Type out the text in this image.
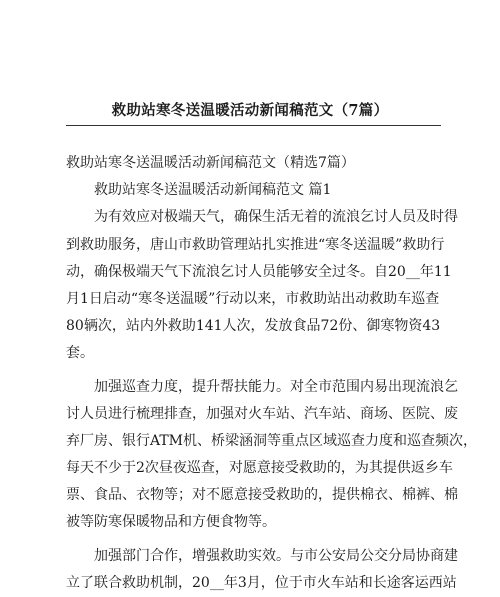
救助站寒冬送温暖活动新闻稿范文（7篇）
救助站寒冬送温暖活动新闻稿范文（精选7篇）
救助站寒冬送温暖活动新闻稿范文 篇1
为有效应对极端天气，确保生活无着的流浪乞讨人员及时得
到救助服务，唐山市救助管理站扎实推进“寒冬送温暖”救助行
动，确保极端天气下流浪乞讨人员能够安全过冬。自20__年11
月1日启动“寒冬送温暖”行动以来，市救助站出动救助车巡查
80辆次，站内外救助141人次，发放食品72份、御寒物资43
套。
加强巡查力度，提升帮扶能力。对全市范围内易出现流浪乞
讨人员进行梳理排查，加强对火车站、汽车站、商场、医院、废
弃厂房、银行ATM机、桥梁涵洞等重点区域巡查力度和巡查频次，
每天不少于2次昼夜巡查，对愿意接受救助的，为其提供返乡车
票、食品、衣物等；对不愿意接受救助的，提供棉衣、棉裤、棉
被等防寒保暖物品和方便食物等。
加强部门合作，增强救助实效。与市公安局公交分局协商建
立了联合救助机制，20__年3月，位于市火车站和长途客运西站
